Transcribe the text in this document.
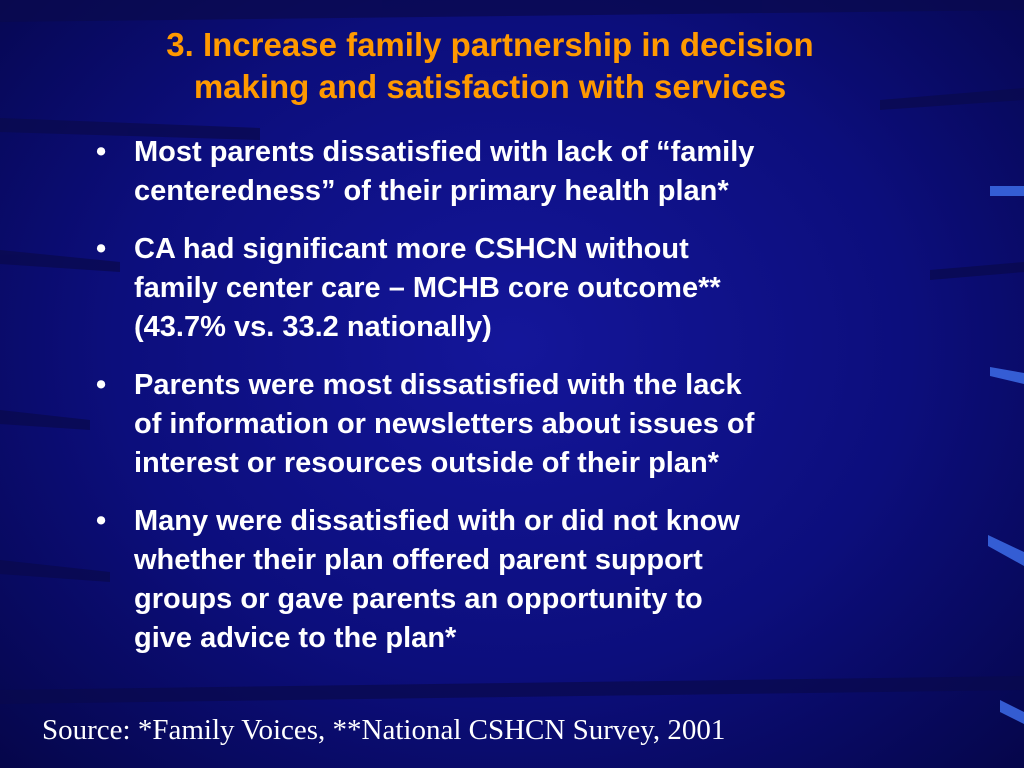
3. Increase family partnership in decision
making and satisfaction with services
• Most parents dissatisfied with lack of “family
centeredness” of their primary health plan*
• CA had significant more CSHCN without
family center care – MCHB core outcome**
(43.7% vs. 33.2 nationally)
• Parents were most dissatisfied with the lack
of information or newsletters about issues of
interest or resources outside of their plan*
• Many were dissatisfied with or did not know
whether their plan offered parent support
groups or gave parents an opportunity to
give advice to the plan*
Source: *Family Voices, **National CSHCN Survey, 2001
